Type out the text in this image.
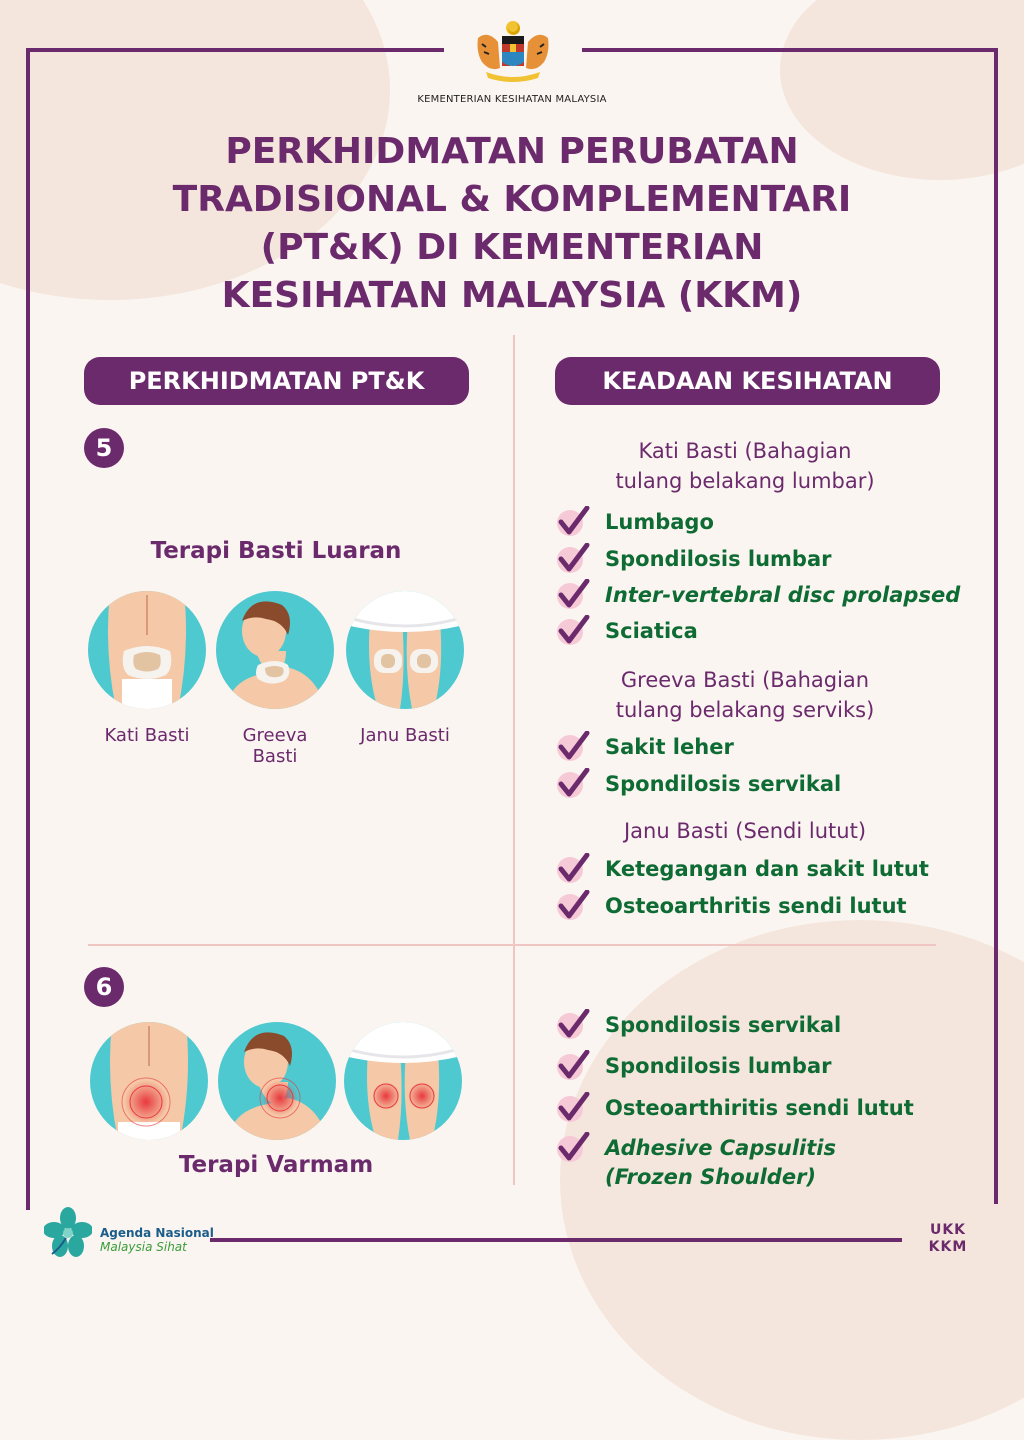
KEMENTERIAN KESIHATAN MALAYSIA
PERKHIDMATAN PERUBATAN
TRADISIONAL & KOMPLEMENTARI
(PT&K) DI KEMENTERIAN
KESIHATAN MALAYSIA (KKM)
PERKHIDMATAN PT&K	KEADAAN KESIHATAN
5
Terapi Basti Luaran
Kati Basti	Greeva
Basti
Janu Basti
Kati Basti (Bahagian
tulang belakang lumbar)
Lumbago
Spondilosis lumbar
Inter-vertebral disc prolapsed
Sciatica
Greeva Basti (Bahagian
tulang belakang serviks)
Sakit leher
Spondilosis servikal
Janu Basti (Sendi lutut)
Ketegangan dan sakit lutut
Osteoarthritis sendi lutut
6
Terapi Varmam
Spondilosis servikal
Spondilosis lumbar
Osteoarthiritis sendi lutut
Adhesive Capsulitis
(Frozen Shoulder)
Agenda Nasional
Malaysia Sihat
UKK
KKM
